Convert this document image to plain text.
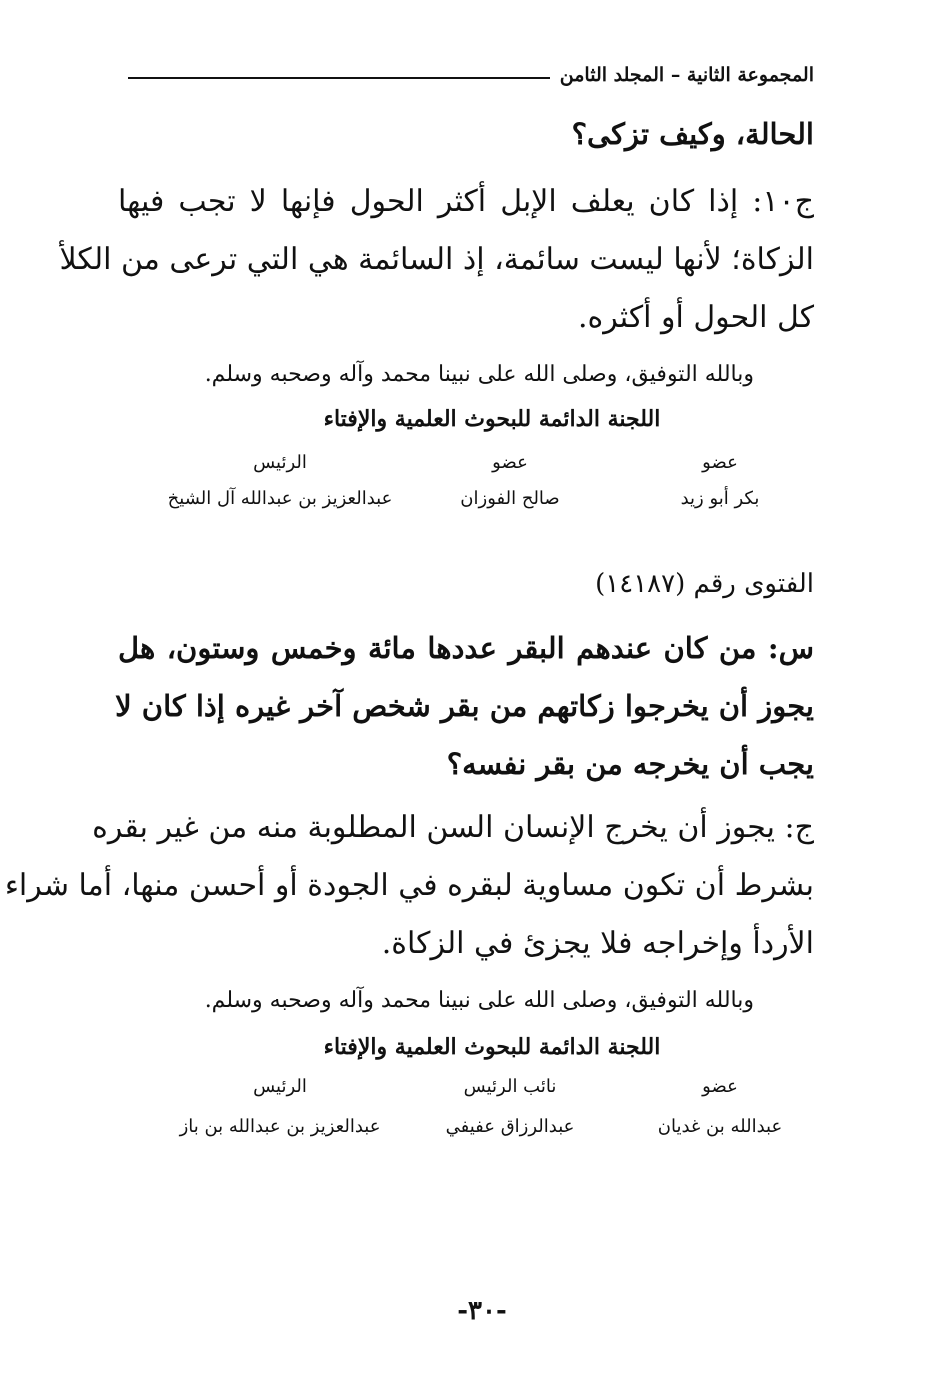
المجموعة الثانية – المجلد الثامن
الحالة، وكيف تزكى؟
ج١٠: إذا كان يعلف الإبل أكثر الحول فإنها لا تجب فيها
الزكاة؛ لأنها ليست سائمة، إذ السائمة هي التي ترعى من الكلأ
كل الحول أو أكثره.
وبالله التوفيق، وصلى الله على نبينا محمد وآله وصحبه وسلم.
اللجنة الدائمة للبحوث العلمية والإفتاء
عضو
بكر أبو زيد
عضو
صالح الفوزان
الرئيس
عبدالعزيز بن عبدالله آل الشيخ
الفتوى رقم (١٤١٨٧)
س: من كان عندهم البقر عددها مائة وخمس وستون، هل
يجوز أن يخرجوا زكاتهم من بقر شخص آخر غيره إذا كان لا
يجب أن يخرجه من بقر نفسه؟
ج: يجوز أن يخرج الإنسان السن المطلوبة منه من غير بقره
بشرط أن تكون مساوية لبقره في الجودة أو أحسن منها، أما شراء
الأردأ وإخراجه فلا يجزئ في الزكاة.
وبالله التوفيق، وصلى الله على نبينا محمد وآله وصحبه وسلم.
اللجنة الدائمة للبحوث العلمية والإفتاء
عضو
عبدالله بن غديان
نائب الرئيس
عبدالرزاق عفيفي
الرئيس
عبدالعزيز بن عبدالله بن باز
-٣٠-
